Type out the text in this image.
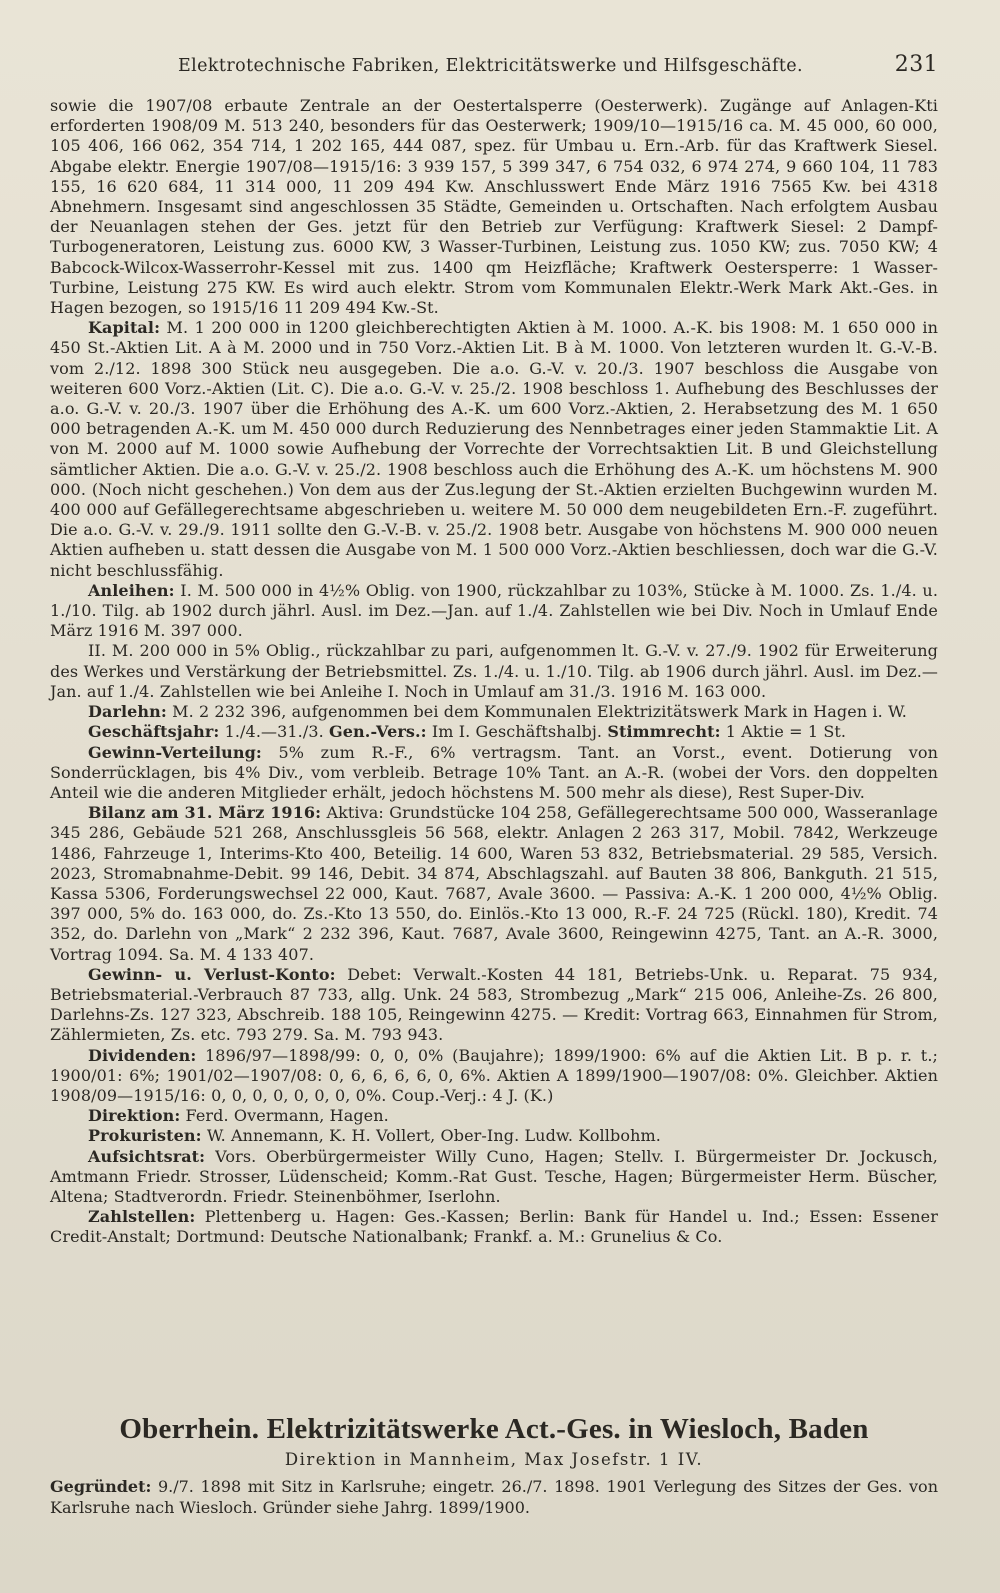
Elektrotechnische Fabriken, Elektricitätswerke und Hilfsgeschäfte.	231

sowie die 1907/08 erbaute Zentrale an der Oestertalsperre (Oesterwerk). Zugänge auf Anlagen-Kti erforderten 1908/09 M. 513 240, besonders für das Oesterwerk; 1909/10—1915/16 ca. M. 45 000, 60 000, 105 406, 166 062, 354 714, 1 202 165, 444 087, spez. für Umbau u. Ern.-Arb. für das Kraftwerk Siesel. Abgabe elektr. Energie 1907/08—1915/16: 3 939 157, 5 399 347, 6 754 032, 6 974 274, 9 660 104, 11 783 155, 16 620 684, 11 314 000, 11 209 494 Kw. Anschlusswert Ende März 1916 7565 Kw. bei 4318 Abnehmern. Insgesamt sind angeschlossen 35 Städte, Gemeinden u. Ortschaften. Nach erfolgtem Ausbau der Neuanlagen stehen der Ges. jetzt für den Betrieb zur Verfügung: Kraftwerk Siesel: 2 Dampf-Turbogeneratoren, Leistung zus. 6000 KW, 3 Wasser-Turbinen, Leistung zus. 1050 KW; zus. 7050 KW; 4 Babcock-Wilcox-Wasserrohr-Kessel mit zus. 1400 qm Heizfläche; Kraftwerk Oestersperre: 1 Wasser-Turbine, Leistung 275 KW. Es wird auch elektr. Strom vom Kommunalen Elektr.-Werk Mark Akt.-Ges. in Hagen bezogen, so 1915/16 11 209 494 Kw.-St.

Kapital: M. 1 200 000 in 1200 gleichberechtigten Aktien à M. 1000. A.-K. bis 1908: M. 1 650 000 in 450 St.-Aktien Lit. A à M. 2000 und in 750 Vorz.-Aktien Lit. B à M. 1000. Von letzteren wurden lt. G.-V.-B. vom 2./12. 1898 300 Stück neu ausgegeben. Die a.o. G.-V. v. 20./3. 1907 beschloss die Ausgabe von weiteren 600 Vorz.-Aktien (Lit. C). Die a.o. G.-V. v. 25./2. 1908 beschloss 1. Aufhebung des Beschlusses der a.o. G.-V. v. 20./3. 1907 über die Erhöhung des A.-K. um 600 Vorz.-Aktien, 2. Herabsetzung des M. 1 650 000 betragenden A.-K. um M. 450 000 durch Reduzierung des Nennbetrages einer jeden Stammaktie Lit. A von M. 2000 auf M. 1000 sowie Aufhebung der Vorrechte der Vorrechtsaktien Lit. B und Gleichstellung sämtlicher Aktien. Die a.o. G.-V. v. 25./2. 1908 beschloss auch die Erhöhung des A.-K. um höchstens M. 900 000. (Noch nicht geschehen.) Von dem aus der Zus.legung der St.-Aktien erzielten Buchgewinn wurden M. 400 000 auf Gefällegerechtsame abgeschrieben u. weitere M. 50 000 dem neugebildeten Ern.-F. zugeführt. Die a.o. G.-V. v. 29./9. 1911 sollte den G.-V.-B. v. 25./2. 1908 betr. Ausgabe von höchstens M. 900 000 neuen Aktien aufheben u. statt dessen die Ausgabe von M. 1 500 000 Vorz.-Aktien beschliessen, doch war die G.-V. nicht beschlussfähig.

Anleihen: I. M. 500 000 in 4½% Oblig. von 1900, rückzahlbar zu 103%, Stücke à M. 1000. Zs. 1./4. u. 1./10. Tilg. ab 1902 durch jährl. Ausl. im Dez.—Jan. auf 1./4. Zahlstellen wie bei Div. Noch in Umlauf Ende März 1916 M. 397 000.

II. M. 200 000 in 5% Oblig., rückzahlbar zu pari, aufgenommen lt. G.-V. v. 27./9. 1902 für Erweiterung des Werkes und Verstärkung der Betriebsmittel. Zs. 1./4. u. 1./10. Tilg. ab 1906 durch jährl. Ausl. im Dez.—Jan. auf 1./4. Zahlstellen wie bei Anleihe I. Noch in Umlauf am 31./3. 1916 M. 163 000.

Darlehn: M. 2 232 396, aufgenommen bei dem Kommunalen Elektrizitätswerk Mark in Hagen i. W.

Geschäftsjahr: 1./4.—31./3. Gen.-Vers.: Im I. Geschäftshalbj. Stimmrecht: 1 Aktie = 1 St.

Gewinn-Verteilung: 5% zum R.-F., 6% vertragsm. Tant. an Vorst., event. Dotierung von Sonderrücklagen, bis 4% Div., vom verbleib. Betrage 10% Tant. an A.-R. (wobei der Vors. den doppelten Anteil wie die anderen Mitglieder erhält, jedoch höchstens M. 500 mehr als diese), Rest Super-Div.

Bilanz am 31. März 1916: Aktiva: Grundstücke 104 258, Gefällegerechtsame 500 000, Wasseranlage 345 286, Gebäude 521 268, Anschlussgleis 56 568, elektr. Anlagen 2 263 317, Mobil. 7842, Werkzeuge 1486, Fahrzeuge 1, Interims-Kto 400, Beteilig. 14 600, Waren 53 832, Betriebsmaterial. 29 585, Versich. 2023, Stromabnahme-Debit. 99 146, Debit. 34 874, Abschlagszahl. auf Bauten 38 806, Bankguth. 21 515, Kassa 5306, Forderungswechsel 22 000, Kaut. 7687, Avale 3600. — Passiva: A.-K. 1 200 000, 4½% Oblig. 397 000, 5% do. 163 000, do. Zs.-Kto 13 550, do. Einlös.-Kto 13 000, R.-F. 24 725 (Rückl. 180), Kredit. 74 352, do. Darlehn von „Mark“ 2 232 396, Kaut. 7687, Avale 3600, Reingewinn 4275, Tant. an A.-R. 3000, Vortrag 1094. Sa. M. 4 133 407.

Gewinn- u. Verlust-Konto: Debet: Verwalt.-Kosten 44 181, Betriebs-Unk. u. Reparat. 75 934, Betriebsmaterial.-Verbrauch 87 733, allg. Unk. 24 583, Strombezug „Mark“ 215 006, Anleihe-Zs. 26 800, Darlehns-Zs. 127 323, Abschreib. 188 105, Reingewinn 4275. — Kredit: Vortrag 663, Einnahmen für Strom, Zählermieten, Zs. etc. 793 279. Sa. M. 793 943.

Dividenden: 1896/97—1898/99: 0, 0, 0% (Baujahre); 1899/1900: 6% auf die Aktien Lit. B p. r. t.; 1900/01: 6%; 1901/02—1907/08: 0, 6, 6, 6, 6, 0, 6%. Aktien A 1899/1900—1907/08: 0%. Gleichber. Aktien 1908/09—1915/16: 0, 0, 0, 0, 0, 0, 0, 0%. Coup.-Verj.: 4 J. (K.)

Direktion: Ferd. Overmann, Hagen.

Prokuristen: W. Annemann, K. H. Vollert, Ober-Ing. Ludw. Kollbohm.

Aufsichtsrat: Vors. Oberbürgermeister Willy Cuno, Hagen; Stellv. I. Bürgermeister Dr. Jockusch, Amtmann Friedr. Strosser, Lüdenscheid; Komm.-Rat Gust. Tesche, Hagen; Bürgermeister Herm. Büscher, Altena; Stadtverordn. Friedr. Steinenböhmer, Iserlohn.

Zahlstellen: Plettenberg u. Hagen: Ges.-Kassen; Berlin: Bank für Handel u. Ind.; Essen: Essener Credit-Anstalt; Dortmund: Deutsche Nationalbank; Frankf. a. M.: Grunelius & Co.

Oberrhein. Elektrizitätswerke Act.-Ges. in Wiesloch, Baden
Direktion in Mannheim, Max Josefstr. 1 IV.
Gegründet: 9./7. 1898 mit Sitz in Karlsruhe; eingetr. 26./7. 1898. 1901 Verlegung des Sitzes der Ges. von Karlsruhe nach Wiesloch. Gründer siehe Jahrg. 1899/1900.
